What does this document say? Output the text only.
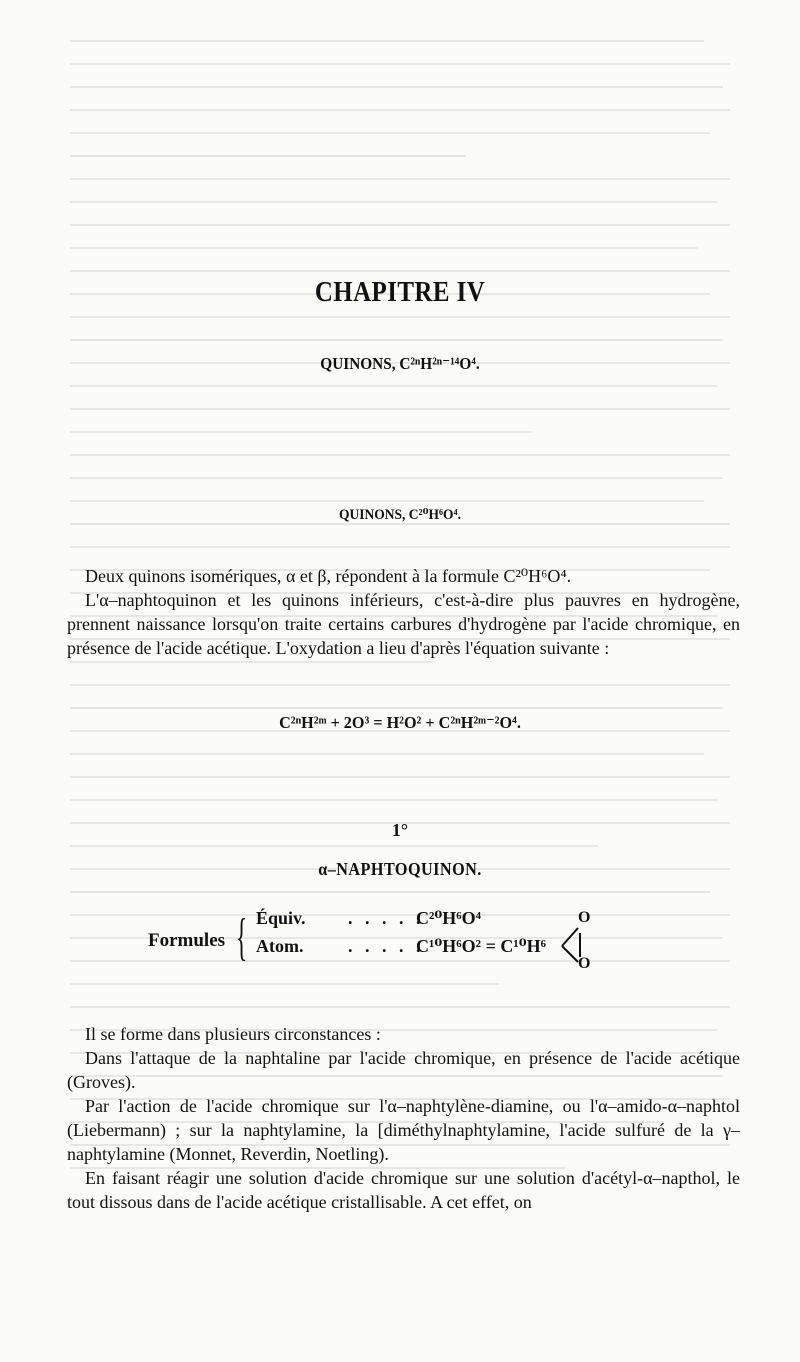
CHAPITRE IV
QUINONS, C²ⁿH²ⁿ⁻¹⁴O⁴.
QUINONS, C²⁰H⁶O⁴.

Deux quinons isomériques, α et β, répondent à la formule C²⁰H⁶O⁴.

L'α–naphtoquinon et les quinons inférieurs, c'est-à-dire plus pauvres en hydrogène, prennent naissance lorsqu'on traite certains carbures d'hydrogène par l'acide chromique, en présence de l'acide acétique. L'oxydation a lieu d'après l'équation suivante :

C²ⁿH²ᵐ + 2O³ = H²O² + C²ⁿH²ᵐ⁻²O⁴.
1°
α–NAPHTOQUINON.
Formules { Équiv. . . . . .
C²⁰H⁶O⁴
Atom. . . . . .
C¹⁰H⁶O² = C¹⁰H⁶
O
O

Il se forme dans plusieurs circonstances :

Dans l'attaque de la naphtaline par l'acide chromique, en présence de l'acide acétique (Groves).

Par l'action de l'acide chromique sur l'α–naphtylène-diamine, ou l'α–amido-α–naphtol (Liebermann) ; sur la naphtylamine, la [diméthylnaphtylamine, l'acide sulfuré de la γ–naphtylamine (Monnet, Reverdin, Noetling).

En faisant réagir une solution d'acide chromique sur une solution d'acétyl-α–napthol, le tout dissous dans de l'acide acétique cristallisable. A cet effet, on
